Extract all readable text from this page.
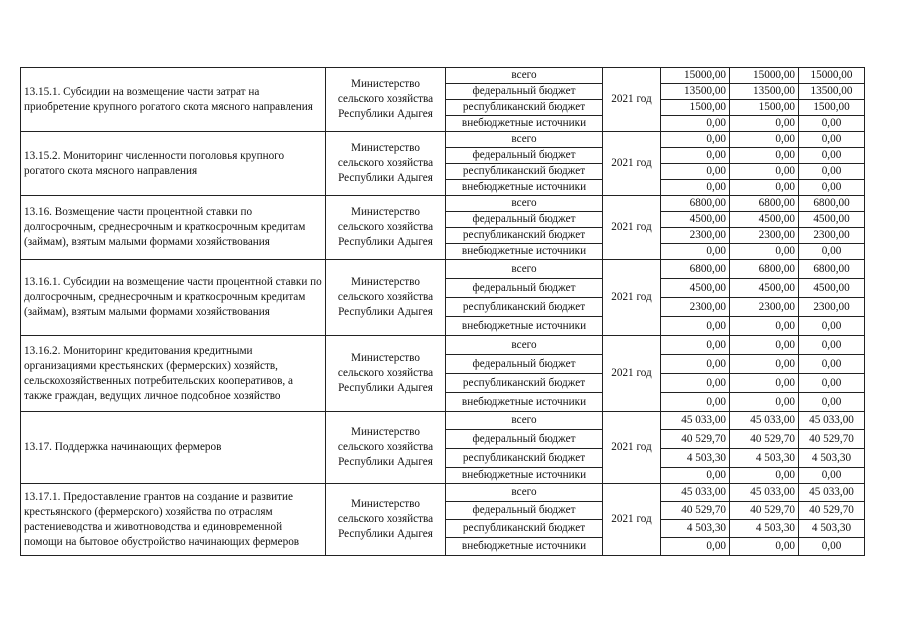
13.15.1. Субсидии на возмещение части затрат на приобретение крупного рогатого скота мясного направления	Министерство сельского хозяйства Республики Адыгея	всего	2021 год	15000,00	15000,00	15000,00
		федеральный бюджет		13500,00	13500,00	13500,00
		республиканский бюджет		1500,00	1500,00	1500,00
		внебюджетные источники		0,00	0,00	0,00
13.15.2. Мониторинг численности поголовья крупного рогатого скота мясного направления	Министерство сельского хозяйства Республики Адыгея	всего	2021 год	0,00	0,00	0,00
		федеральный бюджет		0,00	0,00	0,00
		республиканский бюджет		0,00	0,00	0,00
		внебюджетные источники		0,00	0,00	0,00
13.16. Возмещение части процентной ставки по долгосрочным, среднесрочным и краткосрочным кредитам (займам), взятым малыми формами хозяйствования	Министерство сельского хозяйства Республики Адыгея	всего	2021 год	6800,00	6800,00	6800,00
		федеральный бюджет		4500,00	4500,00	4500,00
		республиканский бюджет		2300,00	2300,00	2300,00
		внебюджетные источники		0,00	0,00	0,00
13.16.1. Субсидии на возмещение части процентной ставки по долгосрочным, среднесрочным и краткосрочным кредитам (займам), взятым малыми формами хозяйствования	Министерство сельского хозяйства Республики Адыгея	всего	2021 год	6800,00	6800,00	6800,00
		федеральный бюджет		4500,00	4500,00	4500,00
		республиканский бюджет		2300,00	2300,00	2300,00
		внебюджетные источники		0,00	0,00	0,00
13.16.2. Мониторинг кредитования кредитными организациями крестьянских (фермерских) хозяйств, сельскохозяйственных потребительских кооперативов, а также граждан, ведущих личное подсобное хозяйство	Министерство сельского хозяйства Республики Адыгея	всего	2021 год	0,00	0,00	0,00
		федеральный бюджет		0,00	0,00	0,00
		республиканский бюджет		0,00	0,00	0,00
		внебюджетные источники		0,00	0,00	0,00
13.17. Поддержка начинающих фермеров	Министерство сельского хозяйства Республики Адыгея	всего	2021 год	45 033,00	45 033,00	45 033,00
		федеральный бюджет		40 529,70	40 529,70	40 529,70
		республиканский бюджет		4 503,30	4 503,30	4 503,30
		внебюджетные источники		0,00	0,00	0,00
13.17.1. Предоставление грантов на создание и развитие крестьянского (фермерского) хозяйства по отраслям растениеводства и животноводства и единовременной помощи на бытовое обустройство начинающих фермеров	Министерство сельского хозяйства Республики Адыгея	всего	2021 год	45 033,00	45 033,00	45 033,00
		федеральный бюджет		40 529,70	40 529,70	40 529,70
		республиканский бюджет		4 503,30	4 503,30	4 503,30
		внебюджетные источники		0,00	0,00	0,00
